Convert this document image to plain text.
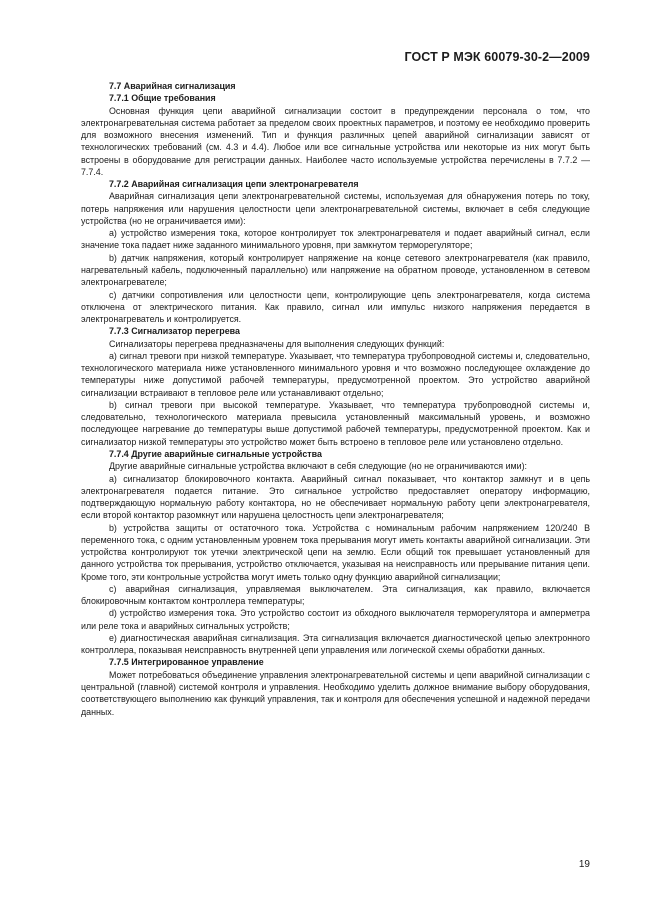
ГОСТ Р МЭК 60079-30-2—2009

7.7 Аварийная сигнализация

7.7.1 Общие требования

Основная функция цепи аварийной сигнализации состоит в предупреждении персонала о том, что электронагревательная система работает за пределом своих проектных параметров, и поэтому ее необходимо проверить для возможного внесения изменений. Тип и функция различных цепей аварийной сигнализации зависят от технологических требований (см. 4.3 и 4.4). Любое или все сигнальные устройства или некоторые из них могут быть встроены в оборудование для регистрации данных. Наиболее часто используемые устройства перечислены в 7.7.2 — 7.7.4.

7.7.2 Аварийная сигнализация цепи электронагревателя

Аварийная сигнализация цепи электронагревательной системы, используемая для обнаружения потерь по току, потерь напряжения или нарушения целостности цепи электронагревательной системы, включает в себя следующие устройства (но не ограничивается ими):

a) устройство измерения тока, которое контролирует ток электронагревателя и подает аварийный сигнал, если значение тока падает ниже заданного минимального уровня, при замкнутом терморегуляторе;

b) датчик напряжения, который контролирует напряжение на конце сетевого электронагревателя (как правило, нагревательный кабель, подключенный параллельно) или напряжение на обратном проводе, установленном в сетевом электронагревателе;

c) датчики сопротивления или целостности цепи, контролирующие цепь электронагревателя, когда система отключена от электрического питания. Как правило, сигнал или импульс низкого напряжения передается в электронагреватель и контролируется.

7.7.3 Сигнализатор перегрева

Сигнализаторы перегрева предназначены для выполнения следующих функций:

a) сигнал тревоги при низкой температуре. Указывает, что температура трубопроводной системы и, следовательно, технологического материала ниже установленного минимального уровня и что возможно последующее охлаждение до температуры ниже допустимой рабочей температуры, предусмотренной проектом. Это устройство аварийной сигнализации встраивают в тепловое реле или устанавливают отдельно;

b) сигнал тревоги при высокой температуре. Указывает, что температура трубопроводной системы и, следовательно, технологического материала превысила установленный максимальный уровень, и возможно последующее нагревание до температуры выше допустимой рабочей температуры, предусмотренной проектом. Как и сигнализатор низкой температуры это устройство может быть встроено в тепловое реле или установлено отдельно.

7.7.4 Другие аварийные сигнальные устройства

Другие аварийные сигнальные устройства включают в себя следующие (но не ограничиваются ими):

a) сигнализатор блокировочного контакта. Аварийный сигнал показывает, что контактор замкнут и в цепь электронагревателя подается питание. Это сигнальное устройство предоставляет оператору информацию, подтверждающую нормальную работу контактора, но не обеспечивает нормальную работу цепи электронагревателя, если второй контактор разомкнут или нарушена целостность цепи электронагревателя;

b) устройства защиты от остаточного тока. Устройства с номинальным рабочим напряжением 120/240 В переменного тока, с одним установленным уровнем тока прерывания могут иметь контакты аварийной сигнализации. Эти устройства контролируют ток утечки электрической цепи на землю. Если общий ток превышает установленный для данного устройства ток прерывания, устройство отключается, указывая на неисправность или прерывание питания цепи. Кроме того, эти контрольные устройства могут иметь только одну функцию аварийной сигнализации;

c) аварийная сигнализация, управляемая выключателем. Эта сигнализация, как правило, включается блокировочным контактом контроллера температуры;

d) устройство измерения тока. Это устройство состоит из обходного выключателя терморегулятора и амперметра или реле тока и аварийных сигнальных устройств;

e) диагностическая аварийная сигнализация. Эта сигнализация включается диагностической цепью электронного контроллера, показывая неисправность внутренней цепи управления или логической схемы обработки данных.

7.7.5 Интегрированное управление

Может потребоваться объединение управления электронагревательной системы и цепи аварийной сигнализации с центральной (главной) системой контроля и управления. Необходимо уделить должное внимание выбору оборудования, соответствующего выполнению как функций управления, так и контроля для обеспечения успешной и надежной передачи данных.

19
